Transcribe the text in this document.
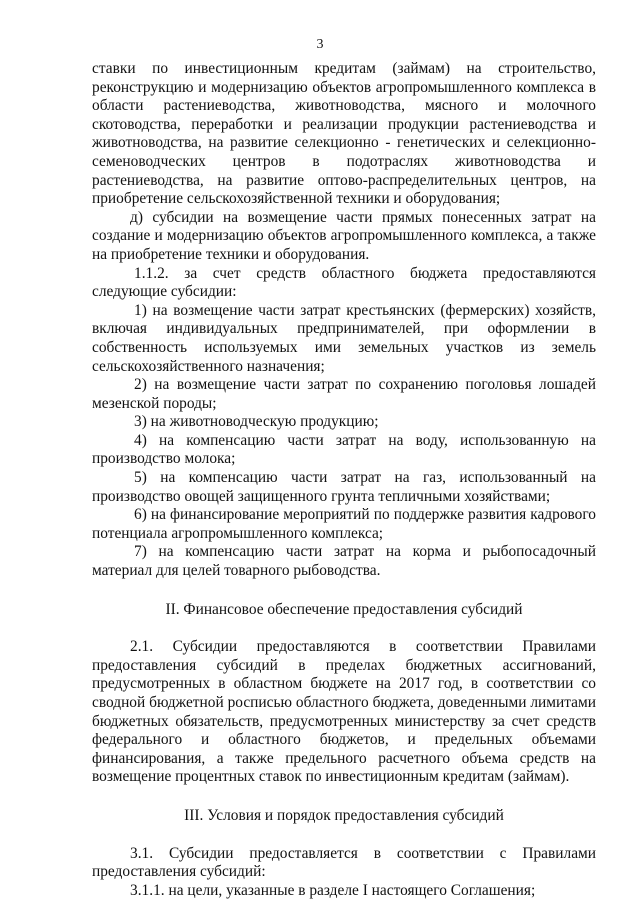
3

ставки по инвестиционным кредитам (займам) на строительство, реконструкцию и модернизацию объектов агропромышленного комплекса в области растениеводства, животноводства, мясного и молочного скотоводства, переработки и реализации продукции растениеводства и животноводства, на развитие селекционно - генетических и селекционно-семеноводческих центров в подотраслях животноводства и растениеводства, на развитие оптово-распределительных центров, на приобретение сельскохозяйственной техники и оборудования;

д) субсидии на возмещение части прямых понесенных затрат на создание и модернизацию объектов агропромышленного комплекса, а также на приобретение техники и оборудования.

1.1.2. за счет средств областного бюджета предоставляются следующие субсидии:

1) на возмещение части затрат крестьянских (фермерских) хозяйств, включая индивидуальных предпринимателей, при оформлении в собственность используемых ими земельных участков из земель сельскохозяйственного назначения;

2) на возмещение части затрат по сохранению поголовья лошадей мезенской породы;

3) на животноводческую продукцию;

4) на компенсацию части затрат на воду, использованную на производство молока;

5) на компенсацию части затрат на газ, использованный на производство овощей защищенного грунта тепличными хозяйствами;

6) на финансирование мероприятий по поддержке развития кадрового потенциала агропромышленного комплекса;

7) на компенсацию части затрат на корма и рыбопосадочный материал для целей товарного рыбоводства.

II. Финансовое обеспечение предоставления субсидий

2.1. Субсидии предоставляются в соответствии Правилами предоставления субсидий в пределах бюджетных ассигнований, предусмотренных в областном бюджете на 2017 год, в соответствии со сводной бюджетной росписью областного бюджета, доведенными лимитами бюджетных обязательств, предусмотренных министерству за счет средств федерального и областного бюджетов, и предельных объемами финансирования, а также предельного расчетного объема средств на возмещение процентных ставок по инвестиционным кредитам (займам).

III. Условия и порядок предоставления субсидий

3.1. Субсидии предоставляется в соответствии с Правилами предоставления субсидий:

3.1.1. на цели, указанные в разделе I настоящего Соглашения;
